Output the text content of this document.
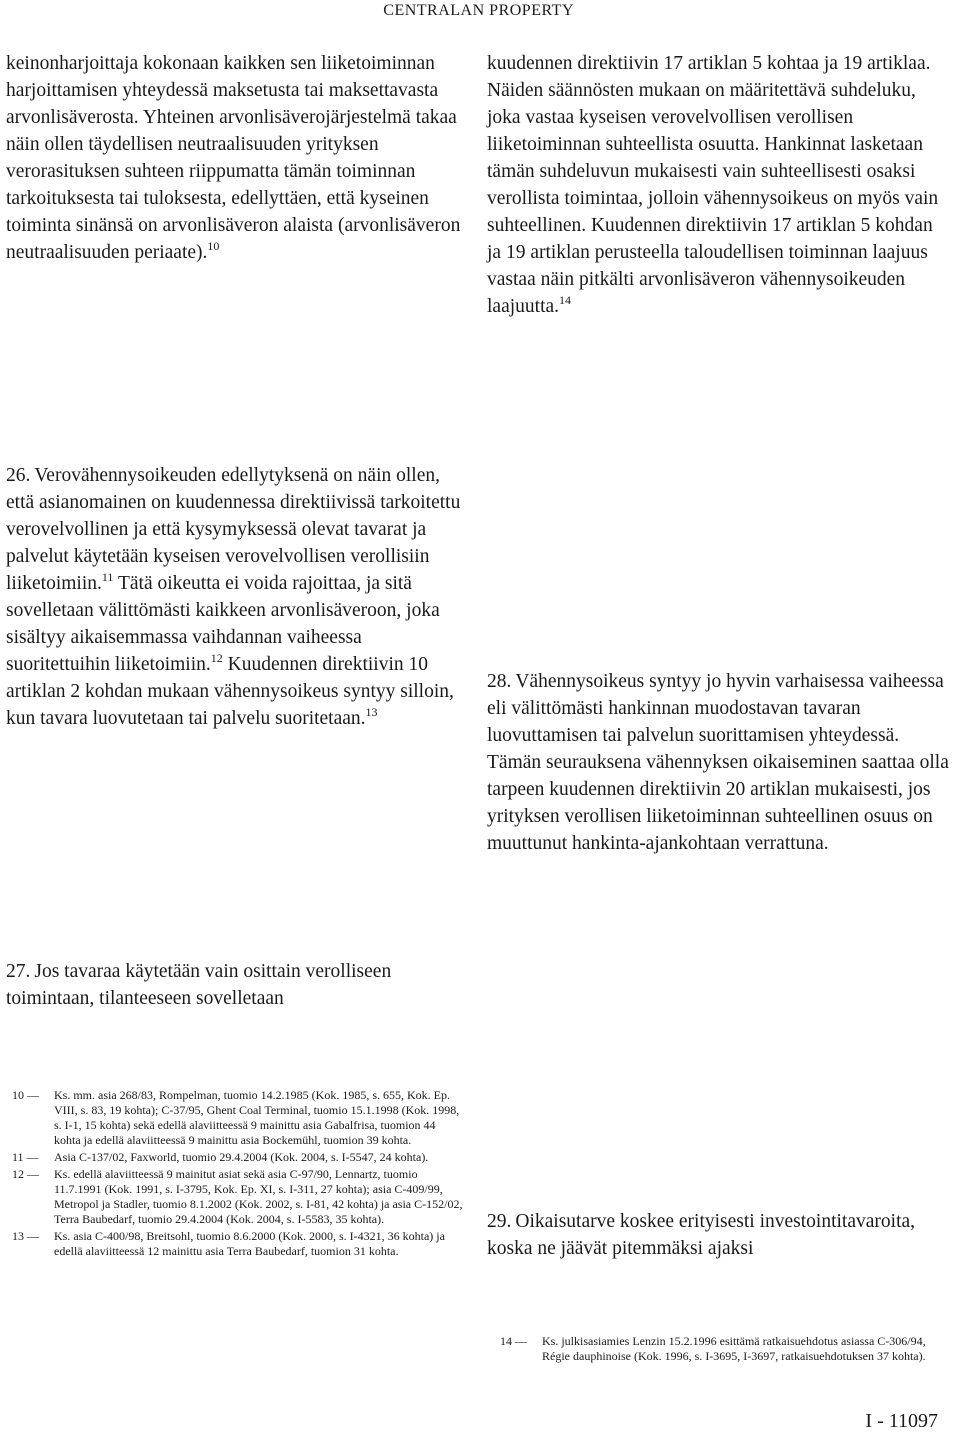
CENTRALAN PROPERTY

keinonharjoittaja kokonaan kaikken sen liiketoiminnan harjoittamisen yhteydessä maksetusta tai maksettavasta arvonlisäverosta. Yhteinen arvonlisäverojärjestelmä takaa näin ollen täydellisen neutraalisuuden yrityksen verorasituksen suhteen riippumatta tämän toiminnan tarkoituksesta tai tuloksesta, edellyttäen, että kyseinen toiminta sinänsä on arvonlisäveron alaista (arvonlisäveron neutraalisuuden periaate).$^{10}$

26. Verovähennysoikeuden edellytyksenä on näin ollen, että asianomainen on kuudennessa direktiivissä tarkoitettu verovelvollinen ja että kysymyksessä olevat tavarat ja palvelut käytetään kyseisen verovelvollisen verollisiin liiketoimiin.$^{11}$ Tätä oikeutta ei voida rajoittaa, ja sitä sovelletaan välittömästi kaikkeen arvonlisäveroon, joka sisältyy aikaisemmassa vaihdannan vaiheessa suoritettuihin liiketoimiin.$^{12}$ Kuudennen direktiivin 10 artiklan 2 kohdan mukaan vähennysoikeus syntyy silloin, kun tavara luovutetaan tai palvelu suoritetaan.$^{13}$

27. Jos tavaraa käytetään vain osittain verolliseen toimintaan, tilanteeseen sovelletaan

kuudennen direktiivin 17 artiklan 5 kohtaa ja 19 artiklaa. Näiden säännösten mukaan on määritettävä suhdeluku, joka vastaa kyseisen verovelvollisen verollisen liiketoiminnan suhteellista osuutta. Hankinnat lasketaan tämän suhdeluvun mukaisesti vain suhteellisesti osaksi verollista toimintaa, jolloin vähennysoikeus on myös vain suhteellinen. Kuudennen direktiivin 17 artiklan 5 kohdan ja 19 artiklan perusteella taloudellisen toiminnan laajuus vastaa näin pitkälti arvonlisäveron vähennysoikeuden laajuutta.$^{14}$

28. Vähennysoikeus syntyy jo hyvin varhaisessa vaiheessa eli välittömästi hankinnan muodostavan tavaran luovuttamisen tai palvelun suorittamisen yhteydessä. Tämän seurauksena vähennyksen oikaiseminen saattaa olla tarpeen kuudennen direktiivin 20 artiklan mukaisesti, jos yrityksen verollisen liiketoiminnan suhteellinen osuus on muuttunut hankinta-ajankohtaan verrattuna.

29. Oikaisutarve koskee erityisesti investointitavaroita, koska ne jäävät pitemmäksi ajaksi

10 —	Ks. mm. asia 268/83, Rompelman, tuomio 14.2.1985 (Kok. 1985, s. 655, Kok. Ep. VIII, s. 83, 19 kohta); C-37/95, Ghent Coal Terminal, tuomio 15.1.1998 (Kok. 1998, s. I-1, 15 kohta) sekä edellä alaviitteessä 9 mainittu asia Gabalfrisa, tuomion 44 kohta ja edellä alaviitteessä 9 mainittu asia Bockemühl, tuomion 39 kohta.
11 —	Asia C-137/02, Faxworld, tuomio 29.4.2004 (Kok. 2004, s. I-5547, 24 kohta).
12 —	Ks. edellä alaviitteessä 9 mainitut asiat sekä asia C-97/90, Lennartz, tuomio 11.7.1991 (Kok. 1991, s. I-3795, Kok. Ep. XI, s. I-311, 27 kohta); asia C-409/99, Metropol ja Stadler, tuomio 8.1.2002 (Kok. 2002, s. I-81, 42 kohta) ja asia C-152/02, Terra Baubedarf, tuomio 29.4.2004 (Kok. 2004, s. I-5583, 35 kohta).
13 —	Ks. asia C-400/98, Breitsohl, tuomio 8.6.2000 (Kok. 2000, s. I-4321, 36 kohta) ja edellä alaviitteessä 12 mainittu asia Terra Baubedarf, tuomion 31 kohta.
14 —	Ks. julkisasiamies Lenzin 15.2.1996 esittämä ratkaisuehdotus asiassa C-306/94, Régie dauphinoise (Kok. 1996, s. I-3695, I-3697, ratkaisuehdotuksen 37 kohta).
I - 11097
